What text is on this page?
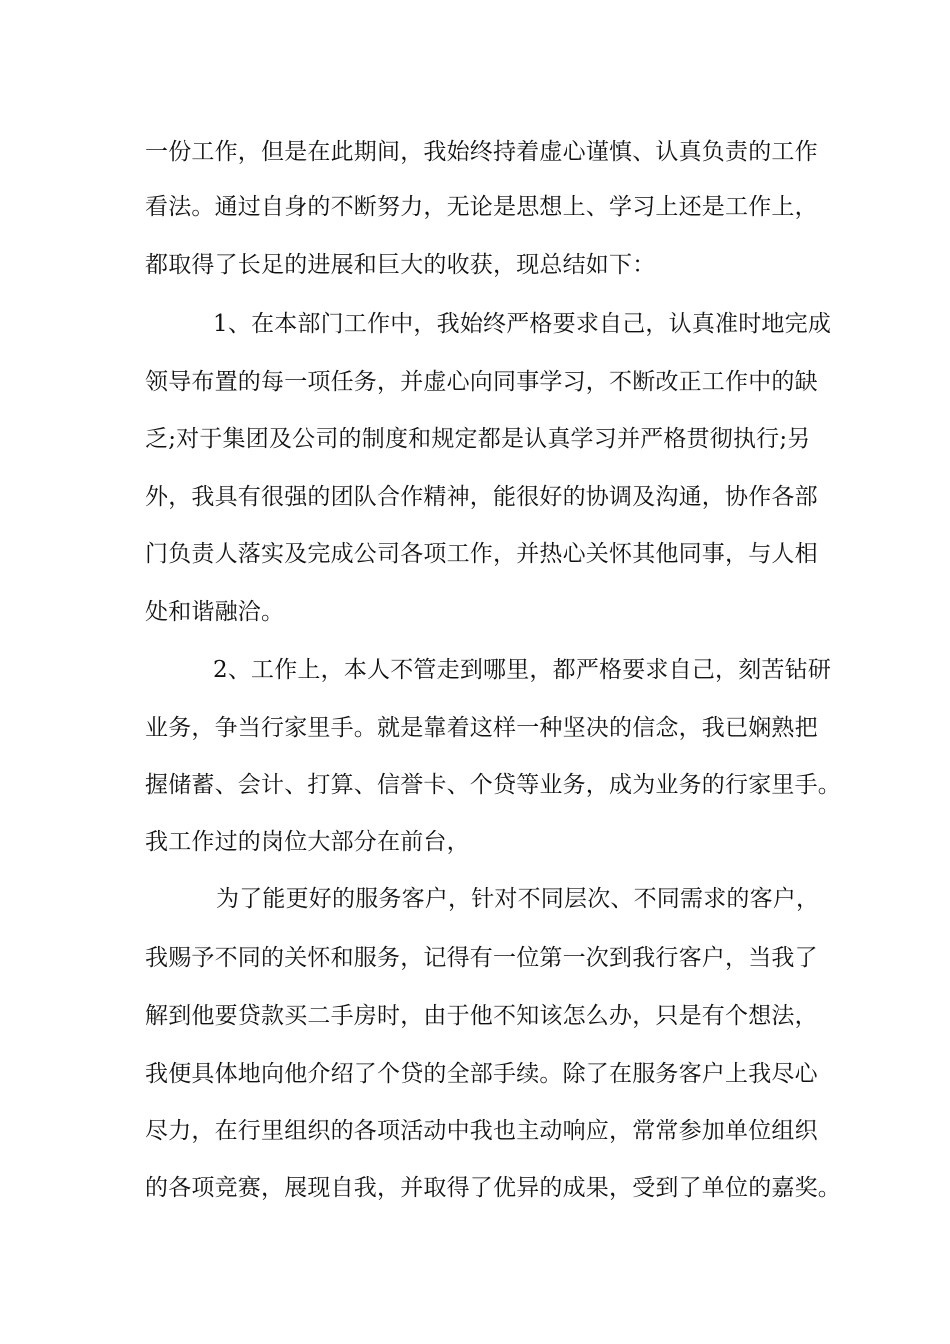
一份工作，但是在此期间，我始终持着虚心谨慎、认真负责的工作
看法。通过自身的不断努力，无论是思想上、学习上还是工作上，
都取得了长足的进展和巨大的收获，现总结如下：
1、在本部门工作中，我始终严格要求自己，认真准时地完成
领导布置的每一项任务，并虚心向同事学习，不断改正工作中的缺
乏;对于集团及公司的制度和规定都是认真学习并严格贯彻执行;另
外，我具有很强的团队合作精神，能很好的协调及沟通，协作各部
门负责人落实及完成公司各项工作，并热心关怀其他同事，与人相
处和谐融洽。
2、工作上，本人不管走到哪里，都严格要求自己，刻苦钻研
业务，争当行家里手。就是靠着这样一种坚决的信念，我已娴熟把
握储蓄、会计、打算、信誉卡、个贷等业务，成为业务的行家里手。
我工作过的岗位大部分在前台，
为了能更好的服务客户，针对不同层次、不同需求的客户，
我赐予不同的关怀和服务，记得有一位第一次到我行客户，当我了
解到他要贷款买二手房时，由于他不知该怎么办，只是有个想法，
我便具体地向他介绍了个贷的全部手续。除了在服务客户上我尽心
尽力，在行里组织的各项活动中我也主动响应，常常参加单位组织
的各项竞赛，展现自我，并取得了优异的成果，受到了单位的嘉奖。
